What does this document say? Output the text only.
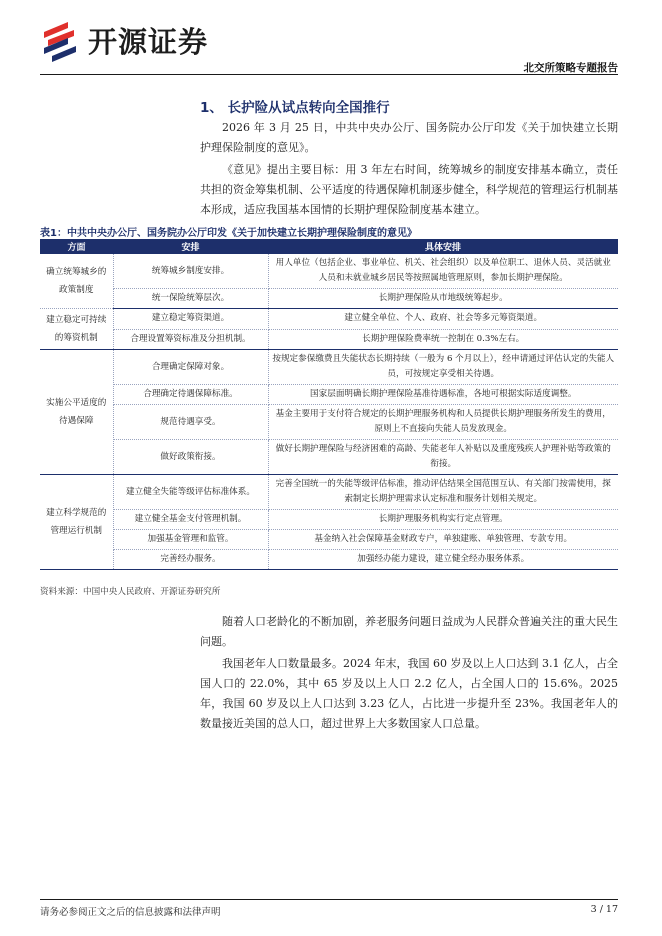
开源证券
北交所策略专题报告
1、 长护险从试点转向全国推行
2026 年 3 月 25 日，中共中央办公厅、国务院办公厅印发《关于加快建立长期护理保险制度的意见》。
《意见》提出主要目标：用 3 年左右时间，统筹城乡的制度安排基本确立，责任共担的资金筹集机制、公平适度的待遇保障机制逐步健全，科学规范的管理运行机制基本形成，适应我国基本国情的长期护理保险制度基本建立。
表1：中共中央办公厅、国务院办公厅印发《关于加快建立长期护理保险制度的意见》
方面	安排	具体安排
确立统筹城乡的政策制度	统筹城乡制度安排。	用人单位（包括企业、事业单位、机关、社会组织）以及单位职工、退休人员、灵活就业人员和未就业城乡居民等按照属地管理原则，参加长期护理保险。
	统一保险统筹层次。	长期护理保险从市地级统筹起步。
建立稳定可持续的筹资机制	建立稳定筹资渠道。	建立健全单位、个人、政府、社会等多元筹资渠道。
	合理设置筹资标准及分担机制。	长期护理保险费率统一控制在 0.3%左右。
实施公平适度的待遇保障	合理确定保障对象。	按规定参保缴费且失能状态长期持续（一般为 6 个月以上），经申请通过评估认定的失能人员，可按规定享受相关待遇。
	合理确定待遇保障标准。	国家层面明确长期护理保险基准待遇标准，各地可根据实际适度调整。
	规范待遇享受。	基金主要用于支付符合规定的长期护理服务机构和人员提供长期护理服务所发生的费用，原则上不直接向失能人员发放现金。
	做好政策衔接。	做好长期护理保险与经济困难的高龄、失能老年人补贴以及重度残疾人护理补贴等政策的衔接。
建立科学规范的管理运行机制	建立健全失能等级评估标准体系。	完善全国统一的失能等级评估标准，推动评估结果全国范围互认、有关部门按需使用，探索制定长期护理需求认定标准和服务计划相关规定。
	建立健全基金支付管理机制。	长期护理服务机构实行定点管理。
	加强基金管理和监管。	基金纳入社会保障基金财政专户，单独建账、单独管理、专款专用。
	完善经办服务。	加强经办能力建设，建立健全经办服务体系。
资料来源：中国中央人民政府、开源证券研究所
随着人口老龄化的不断加剧，养老服务问题日益成为人民群众普遍关注的重大民生问题。
我国老年人口数量最多。2024 年末，我国 60 岁及以上人口达到 3.1 亿人，占全国人口的 22.0%，其中 65 岁及以上人口 2.2 亿人，占全国人口的 15.6%。2025 年，我国 60 岁及以上人口达到 3.23 亿人，占比进一步提升至 23%。我国老年人的数量接近美国的总人口，超过世界上大多数国家人口总量。
请务必参阅正文之后的信息披露和法律声明	3 / 17
